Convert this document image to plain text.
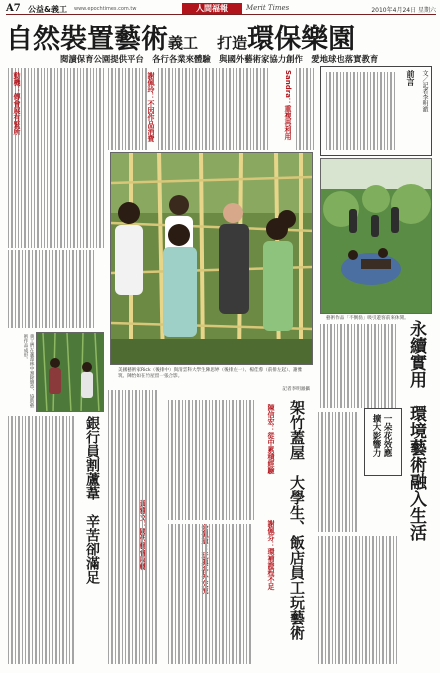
A7 公益&義工 www.epochtimes.com.tw	人間福報	Merit Times	2010年4月24日 星期六
自然裝置藝術義工 打造環保樂園
閱讀保育公園提供平台　各行各業來體驗　與國外藝術家協力創作　愛地球也落實教育
動機：傳會展有緊所	謝佩玲：不因作品消費	Sandra：重複再利用	前言 文／記者李明澈
美國藝術家Rick（後排中）與清雲科大學生陳思婷（後排左一）、楊佳蓉（前排左起）、謝雅筑、陳怡如在竹屋留一張合影。
記者李明澈攝
藝術作品「不倒翁」吸引遊客前來休閒。
永續實用　環境藝術融入生活
一朵花效應　擴大影響力
架竹蓋屋　大學生、飯店員工玩藝術
陳信宏：從中累積經驗
謝佩芬：環補證程不足
義工們在蘆葦林中割除雜草，協助藝術作品成形。
銀行員割蘆葦　辛苦卻滿足
